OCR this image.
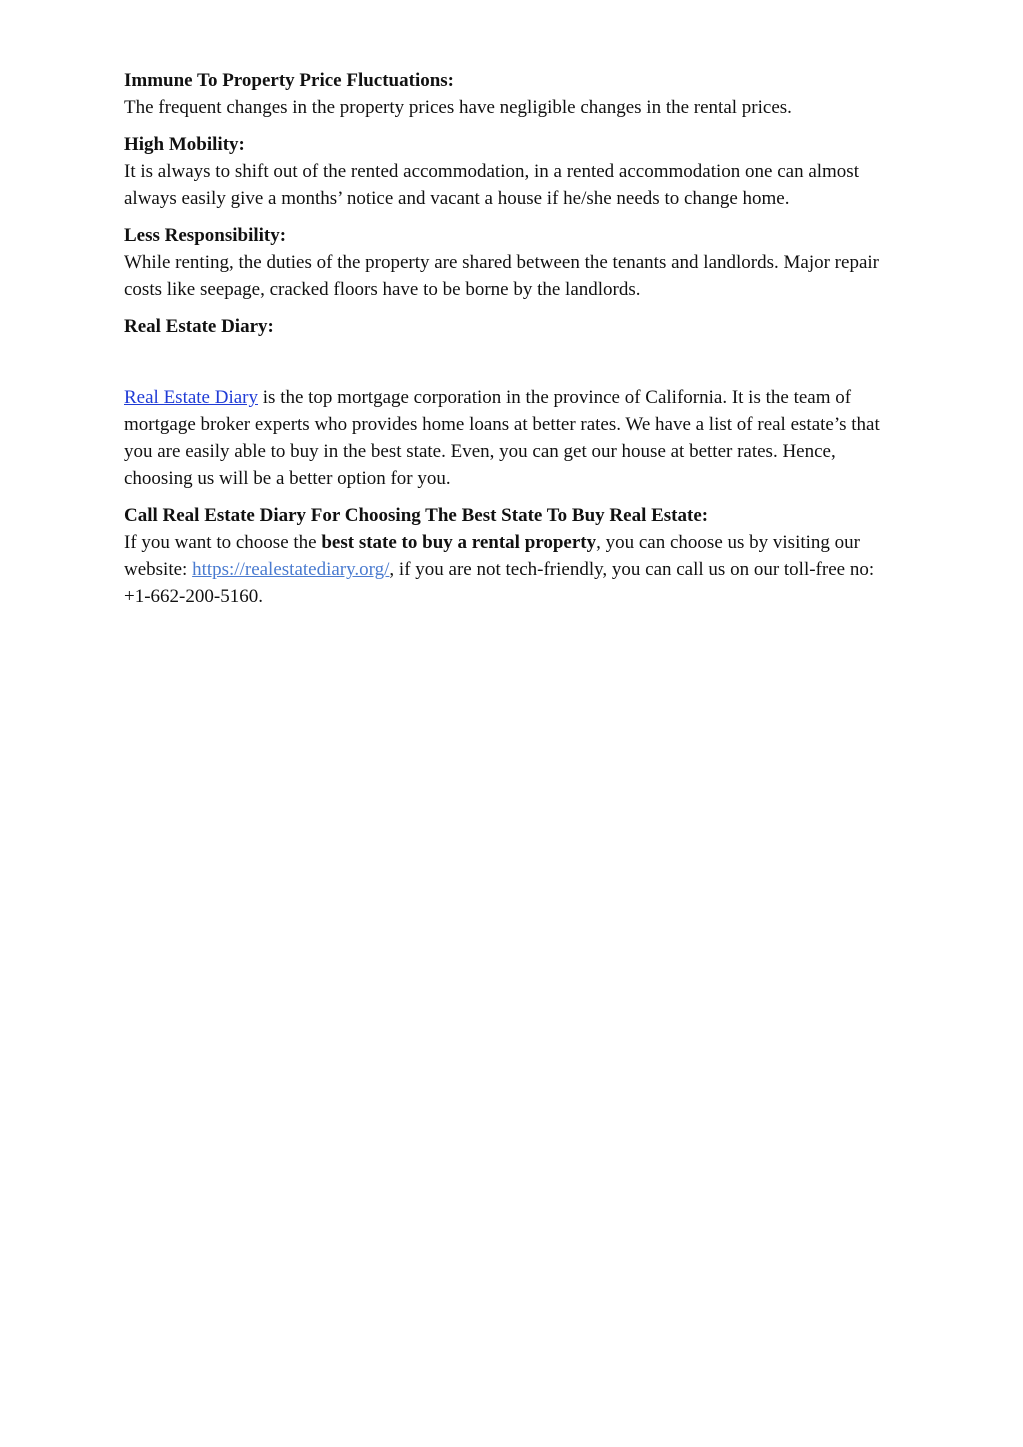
Immune To Property Price Fluctuations:
The frequent changes in the property prices have negligible changes in the rental prices.
High Mobility:
It is always to shift out of the rented accommodation, in a rented accommodation one can almost always easily give a months’ notice and vacant a house if he/she needs to change home.
Less Responsibility:
While renting, the duties of the property are shared between the tenants and landlords. Major repair costs like seepage, cracked floors have to be borne by the landlords.
Real Estate Diary:
Real Estate Diary is the top mortgage corporation in the province of California. It is the team of mortgage broker experts who provides home loans at better rates. We have a list of real estate’s that you are easily able to buy in the best state. Even, you can get our house at better rates. Hence, choosing us will be a better option for you.
Call Real Estate Diary For Choosing The Best State To Buy Real Estate:
If you want to choose the best state to buy a rental property, you can choose us by visiting our website: https://realestatediary.org/, if you are not tech-friendly, you can call us on our toll-free no: +1-662-200-5160.
